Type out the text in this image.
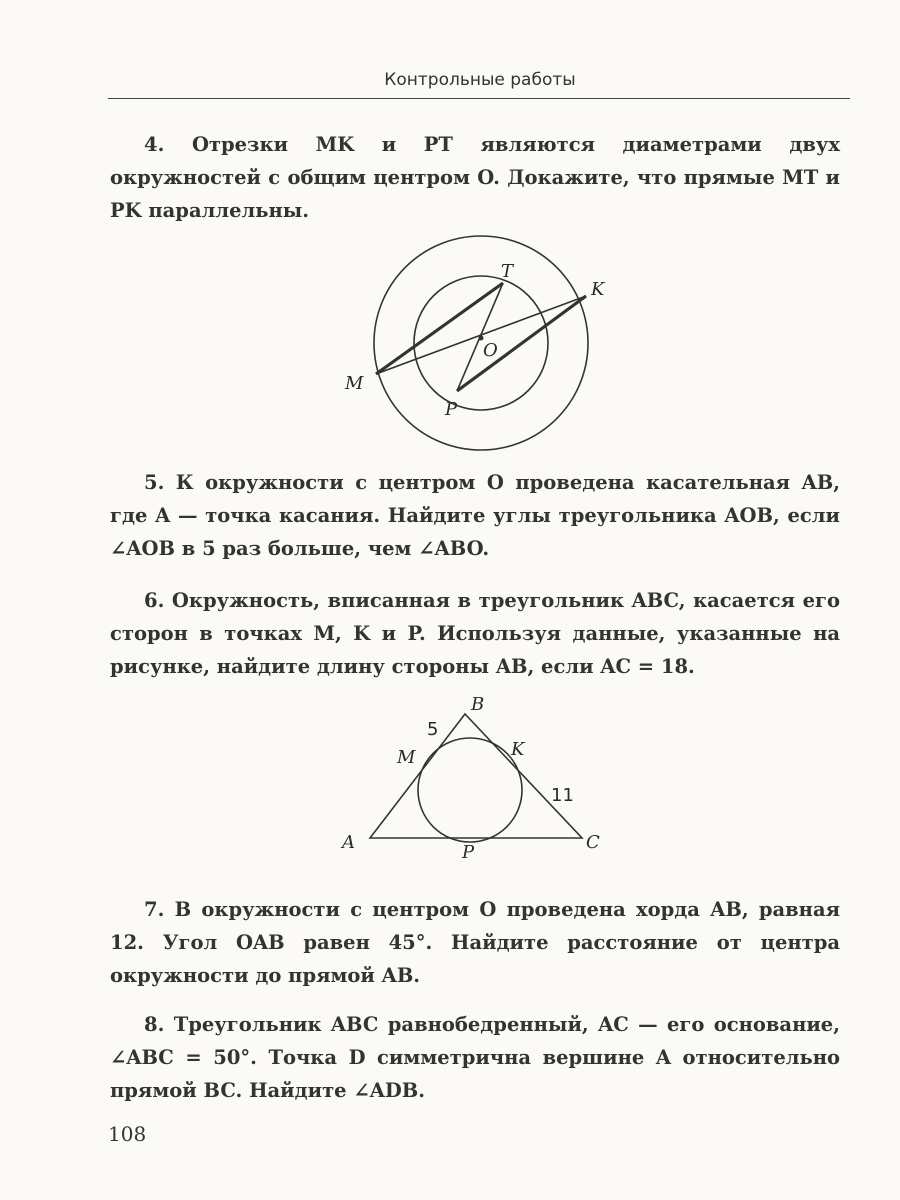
Контрольные работы
4. Отрезки MK и PT являются диаметрами двух окружностей с общим центром O. Докажите, что прямые MT и PK параллельны.
T
K
O
M
P
5. К окружности с центром O проведена касательная AB, где A — точка касания. Найдите углы треугольника AOB, если ∠AOB в 5 раз больше, чем ∠ABO.
6. Окружность, вписанная в треугольник ABC, касается его сторон в точках M, K и P. Используя данные, указанные на рисунке, найдите длину стороны AB, если AC = 18.
B
5
M	K
11
A	P	C
7. В окружности с центром O проведена хорда AB, равная 12. Угол OAB равен 45°. Найдите расстояние от центра окружности до прямой AB.
8. Треугольник ABC равнобедренный, AC — его основание, ∠ABC = 50°. Точка D симметрична вершине A относительно прямой BC. Найдите ∠ADB.
108
